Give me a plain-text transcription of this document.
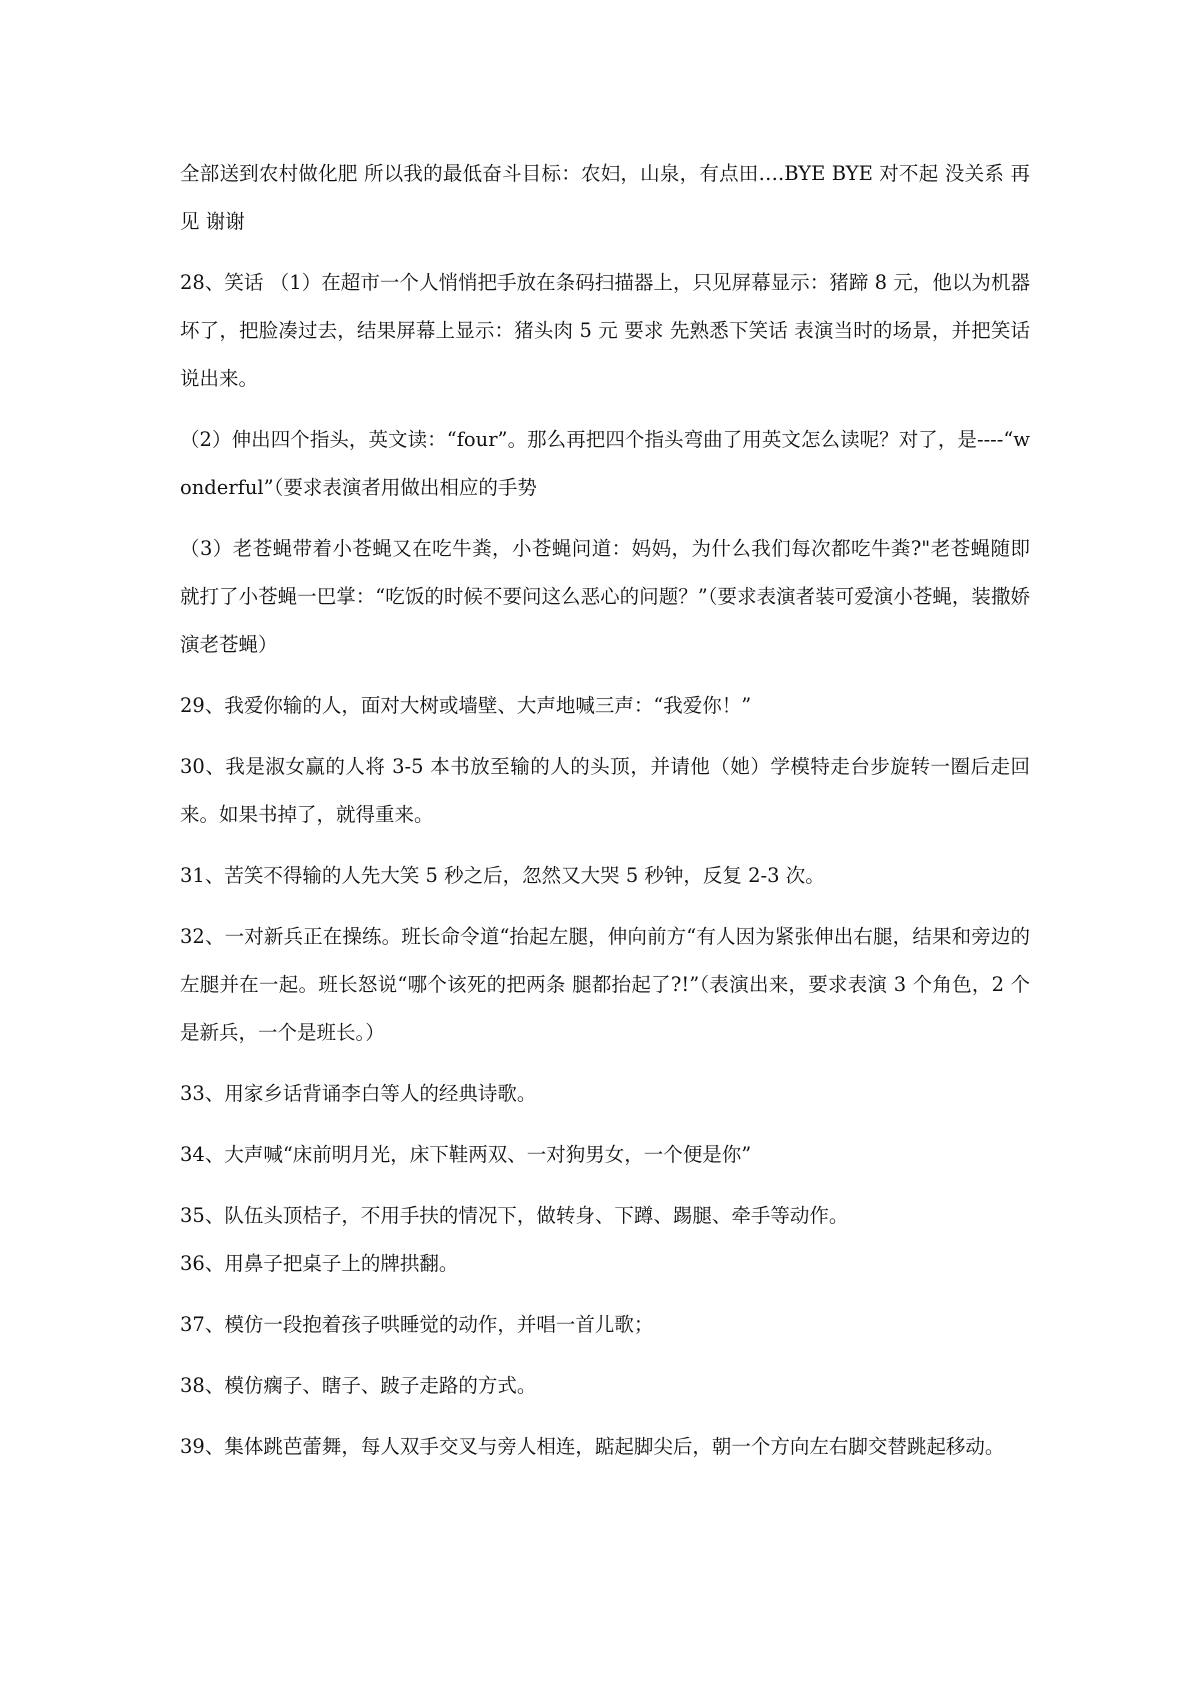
全部送到农村做化肥 所以我的最低奋斗目标：农妇，山泉，有点田….BYE BYE 对不起 没关系 再见 谢谢

28、笑话 （1）在超市一个人悄悄把手放在条码扫描器上，只见屏幕显示：猪蹄 8 元，他以为机器坏了，把脸凑过去，结果屏幕上显示：猪头肉 5 元 要求 先熟悉下笑话 表演当时的场景，并把笑话说出来。

（2）伸出四个指头，英文读：“four”。那么再把四个指头弯曲了用英文怎么读呢？对了，是----“wonderful”（要求表演者用做出相应的手势

（3）老苍蝇带着小苍蝇又在吃牛粪，小苍蝇问道：妈妈，为什么我们每次都吃牛粪?"老苍蝇随即就打了小苍蝇一巴掌：“吃饭的时候不要问这么恶心的问题？”（要求表演者装可爱演小苍蝇，装撒娇演老苍蝇）

29、我爱你输的人，面对大树或墙壁、大声地喊三声：“我爱你！”

30、我是淑女赢的人将 3-5 本书放至输的人的头顶，并请他（她）学模特走台步旋转一圈后走回来。如果书掉了，就得重来。

31、苦笑不得输的人先大笑 5 秒之后，忽然又大哭 5 秒钟，反复 2-3 次。

32、一对新兵正在操练。班长命令道“抬起左腿，伸向前方“有人因为紧张伸出右腿，结果和旁边的左腿并在一起。班长怒说“哪个该死的把两条 腿都抬起了?!”（表演出来，要求表演 3 个角色，2 个是新兵，一个是班长。）

33、用家乡话背诵李白等人的经典诗歌。

34、大声喊“床前明月光，床下鞋两双、一对狗男女，一个便是你”

35、队伍头顶桔子，不用手扶的情况下，做转身、下蹲、踢腿、牵手等动作。

36、用鼻子把桌子上的牌拱翻。

37、模仿一段抱着孩子哄睡觉的动作，并唱一首儿歌；

38、模仿瘸子、瞎子、跛子走路的方式。

39、集体跳芭蕾舞，每人双手交叉与旁人相连，踮起脚尖后，朝一个方向左右脚交替跳起移动。
